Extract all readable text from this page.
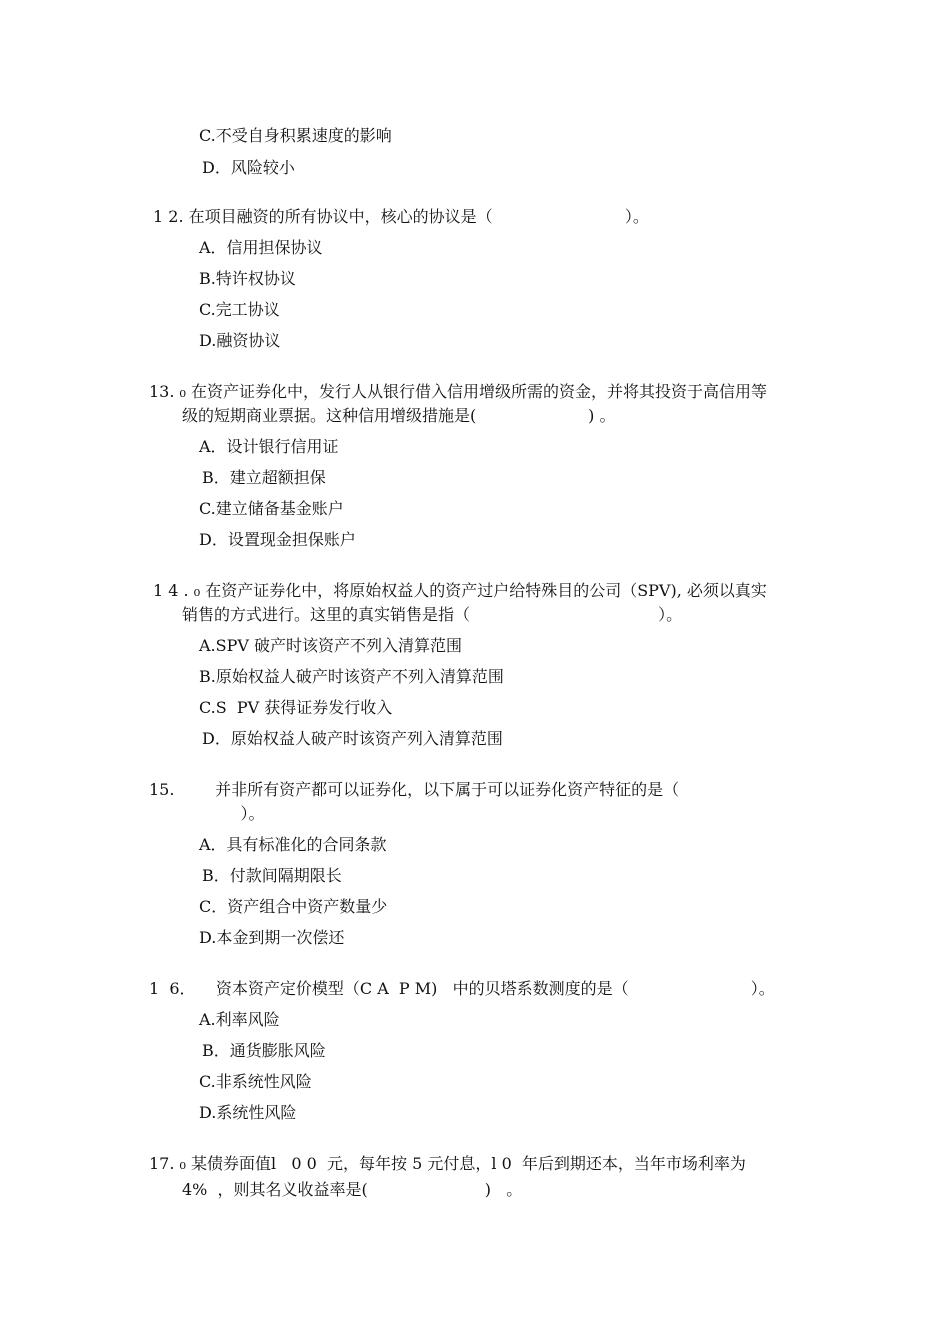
C.不受自身积累速度的影响
D．风险较小
1 2. 在项目融资的所有协议中，核心的协议是（                          ）。
A．信用担保协议
B.特许权协议
C.完工协议
D.融资协议
13. ₀ 在资产证券化中，发行人从银行借入信用增级所需的资金，并将其投资于高信用等
级的短期商业票据。这种信用增级措施是(                      ) 。
A．设计银行信用证
B．建立超额担保
C.建立储备基金账户
D．设置现金担保账户
1 4 . ₀ 在资产证券化中，将原始权益人的资产过户给特殊目的公司（SPV), 必须以真实
销售的方式进行。这里的真实销售是指（                                     ）。
A.SPV 破产时该资产不列入清算范围
B.原始权益人破产时该资产不列入清算范围
C.S  PV 获得证券发行收入
D．原始权益人破产时该资产列入清算范围
15.        并非所有资产都可以证券化，以下属于可以证券化资产特征的是（
）。
A．具有标准化的合同条款
B．付款间隔期限长
C．资产组合中资产数量少
D.本金到期一次偿还
1  6．    资本资产定价模型（C A  P M)   中的贝塔系数测度的是（                        ）。
A.利率风险
B．通货膨胀风险
C.非系统性风险
D.系统性风险
17. ₀ 某债券面值l   0 0  元，每年按 5 元付息，l 0  年后到期还本，当年市场利率为
4%  ，则其名义收益率是(                       )   。
